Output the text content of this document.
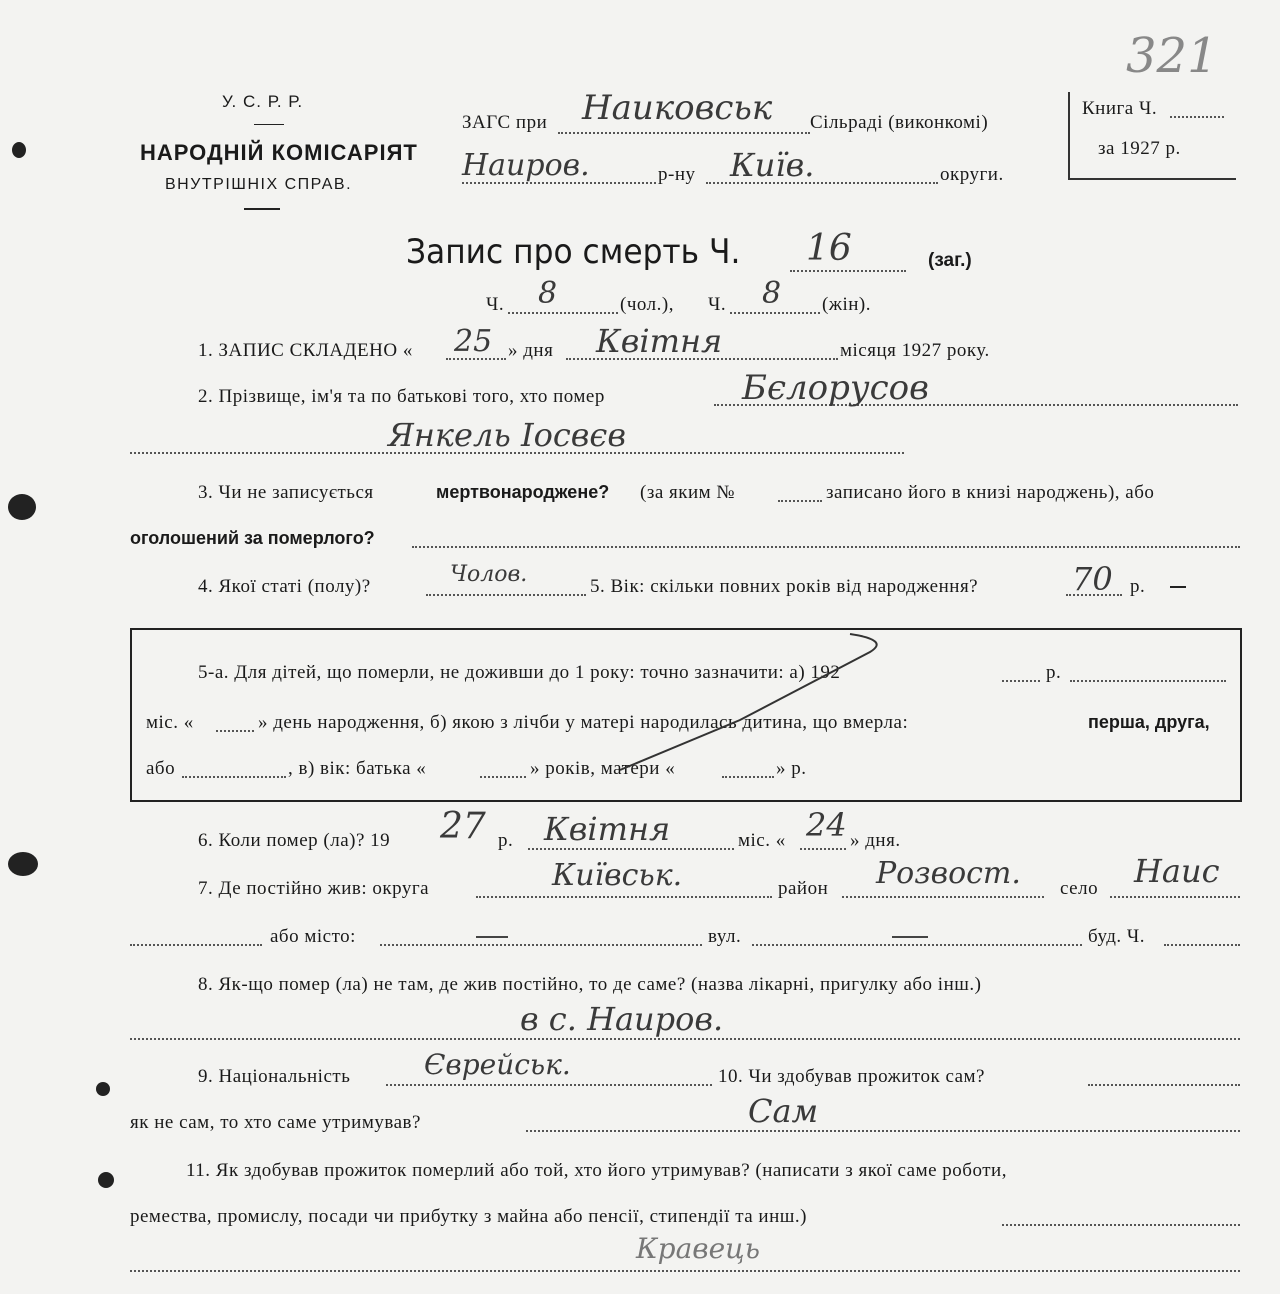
У. С. Р. Р.
НАРОДНІЙ КОМІСАРІЯТ
ВНУТРІШНІХ СПРАВ.
ЗАГС при Наиковськ Сільраді (виконкомі)
Наиров.	р-ну Київ.	округи.
Книга Ч.
за 1927 р.
321
Запис про смерть Ч. 16	(заг.)
Ч. 8	(чол.), Ч. 8 (жін).
1. ЗАПИС СКЛАДЕНО « 25 » дня Квітня	місяця 1927 року.
2. Прізвище, ім'я та по батькові того, хто помер	Бєлорусов
Янкель Іосвєв
3. Чи не записується	мертвонароджене? (за яким №	записано його в книзі народжень), або
оголошений за померлого?
4. Якої статі (полу)?	Чолов.	5. Вік: скільки повних років від народження?	70 р.
5-а. Для дітей, що померли, не доживши до 1 року: точно зазначити: а) 192	р.
міс. «	» день народження, б) якою з лічби у матері народилась дитина, що вмерла:	перша, друга,
або	, в) вік: батька «	» років, матери «	» р.
6. Коли помер (ла)? 19 27 р. Квітня	міс. « 24 » дня.
7. Де постійно жив: округа	Київськ.	район Розвост. село Наис
або місто:	вул.	буд. Ч.
8. Як-що помер (ла) не там, де жив постійно, то де саме? (назва лікарні, пригулку або інш.)
в с. Наиров.
9. Національність	Єврейськ.	10. Чи здобував прожиток сам?
як не сам, то хто саме утримував?	Сам
11. Як здобував прожиток померлий або той, хто його утримував? (написати з якої саме роботи,
ремества, промислу, посади чи прибутку з майна або пенсії, стипендії та инш.)
Кравець
